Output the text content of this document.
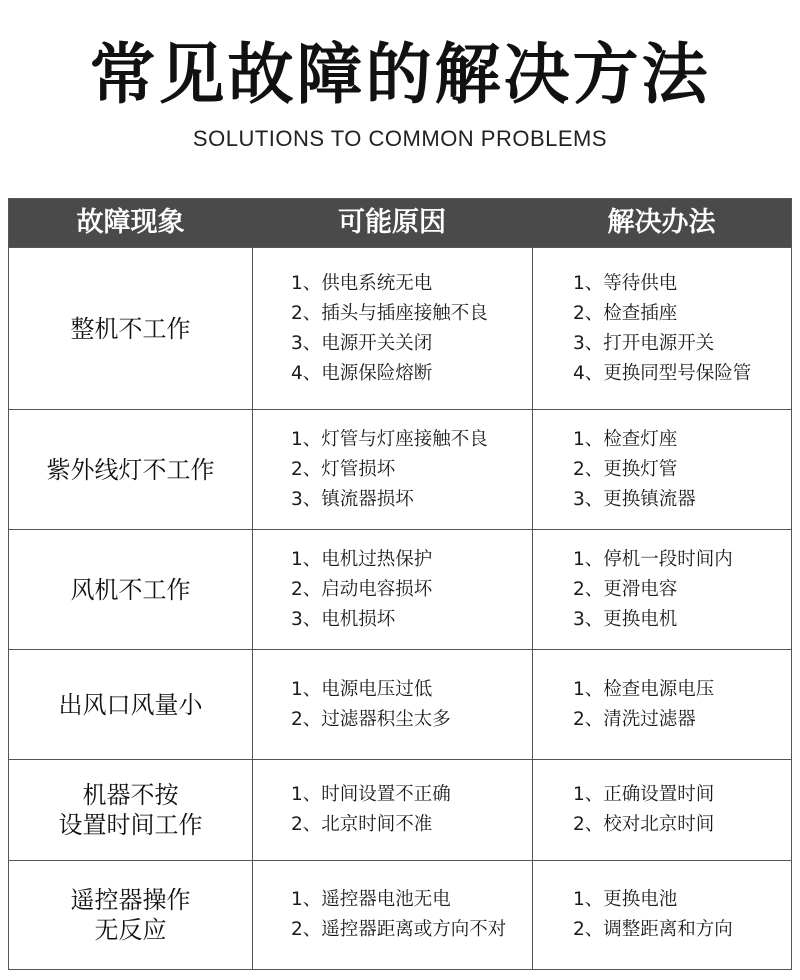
常见故障的解决方法
SOLUTIONS TO COMMON PROBLEMS
故障现象	可能原因	解决办法
整机不工作
1、供电系统无电
2、插头与插座接触不良
3、电源开关关闭
4、电源保险熔断
1、等待供电
2、检查插座
3、打开电源开关
4、更换同型号保险管
紫外线灯不工作
1、灯管与灯座接触不良
2、灯管损坏
3、镇流器损坏
1、检查灯座
2、更换灯管
3、更换镇流器
风机不工作
1、电机过热保护
2、启动电容损坏
3、电机损坏
1、停机一段时间内
2、更滑电容
3、更换电机
出风口风量小
1、电源电压过低
2、过滤器积尘太多
1、检查电源电压
2、清洗过滤器
机器不按
设置时间工作
1、时间设置不正确
2、北京时间不准
1、正确设置时间
2、校对北京时间
遥控器操作
无反应
1、遥控器电池无电
2、遥控器距离或方向不对
1、更换电池
2、调整距离和方向
